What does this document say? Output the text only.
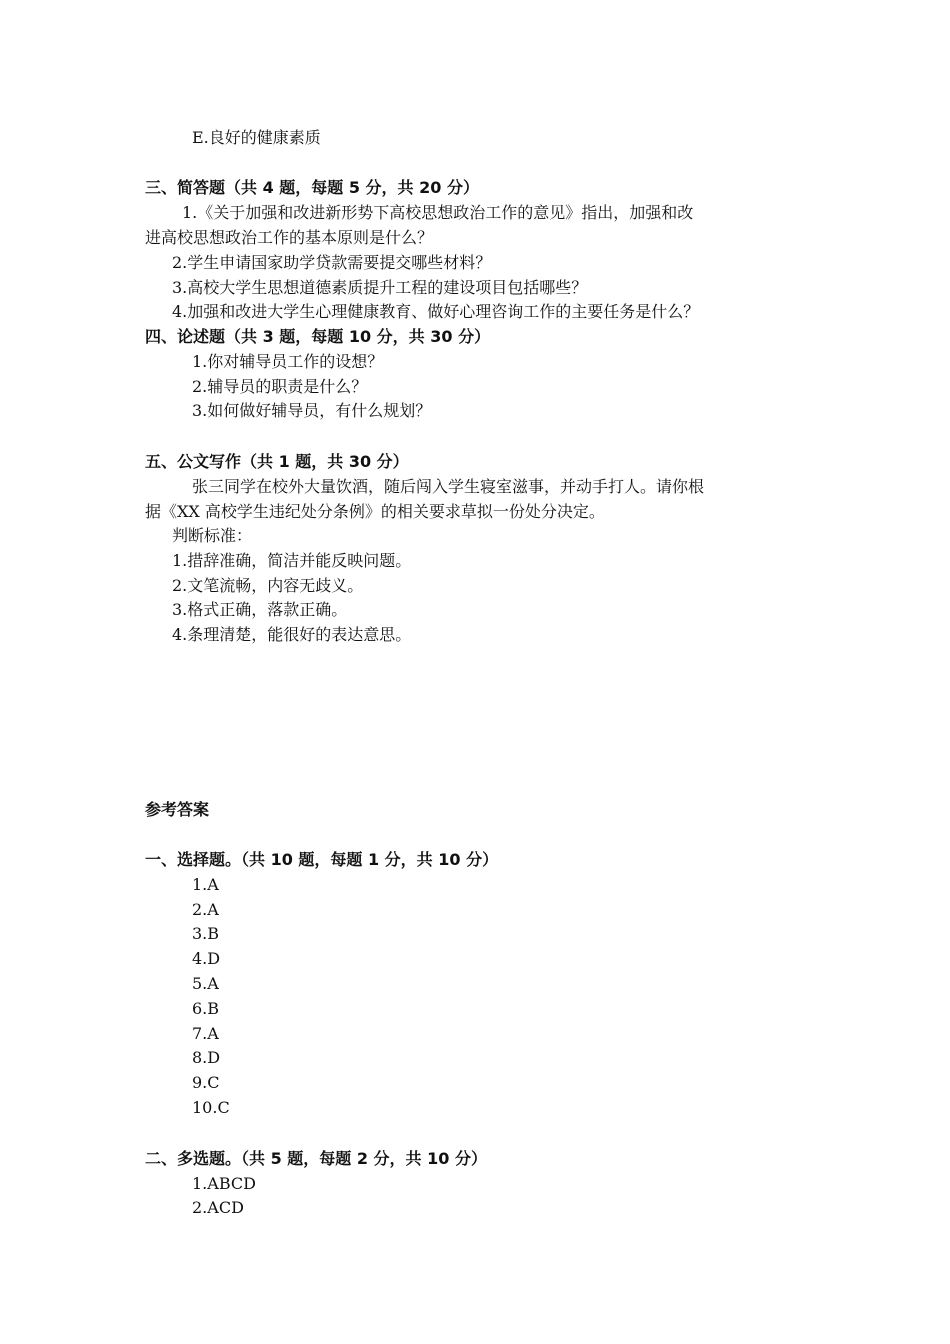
E.良好的健康素质
三、简答题（共 4 题，每题 5 分，共 20 分）
1.《关于加强和改进新形势下高校思想政治工作的意见》指出，加强和改
进高校思想政治工作的基本原则是什么？
2.学生申请国家助学贷款需要提交哪些材料？
3.高校大学生思想道德素质提升工程的建设项目包括哪些？
4.加强和改进大学生心理健康教育、做好心理咨询工作的主要任务是什么？
四、论述题（共 3 题，每题 10 分，共 30 分）
1.你对辅导员工作的设想？
2.辅导员的职责是什么？
3.如何做好辅导员，有什么规划？
五、公文写作（共 1 题，共 30 分）
张三同学在校外大量饮酒，随后闯入学生寝室滋事，并动手打人。请你根
据《XX 高校学生违纪处分条例》的相关要求草拟一份处分决定。
判断标准：
1.措辞准确，简洁并能反映问题。
2.文笔流畅，内容无歧义。
3.格式正确，落款正确。
4.条理清楚，能很好的表达意思。
参考答案
一、选择题。（共 10 题，每题 1 分，共 10 分）
1.A
2.A
3.B
4.D
5.A
6.B
7.A
8.D
9.C
10.C
二、多选题。（共 5 题，每题 2 分，共 10 分）
1.ABCD
2.ACD
